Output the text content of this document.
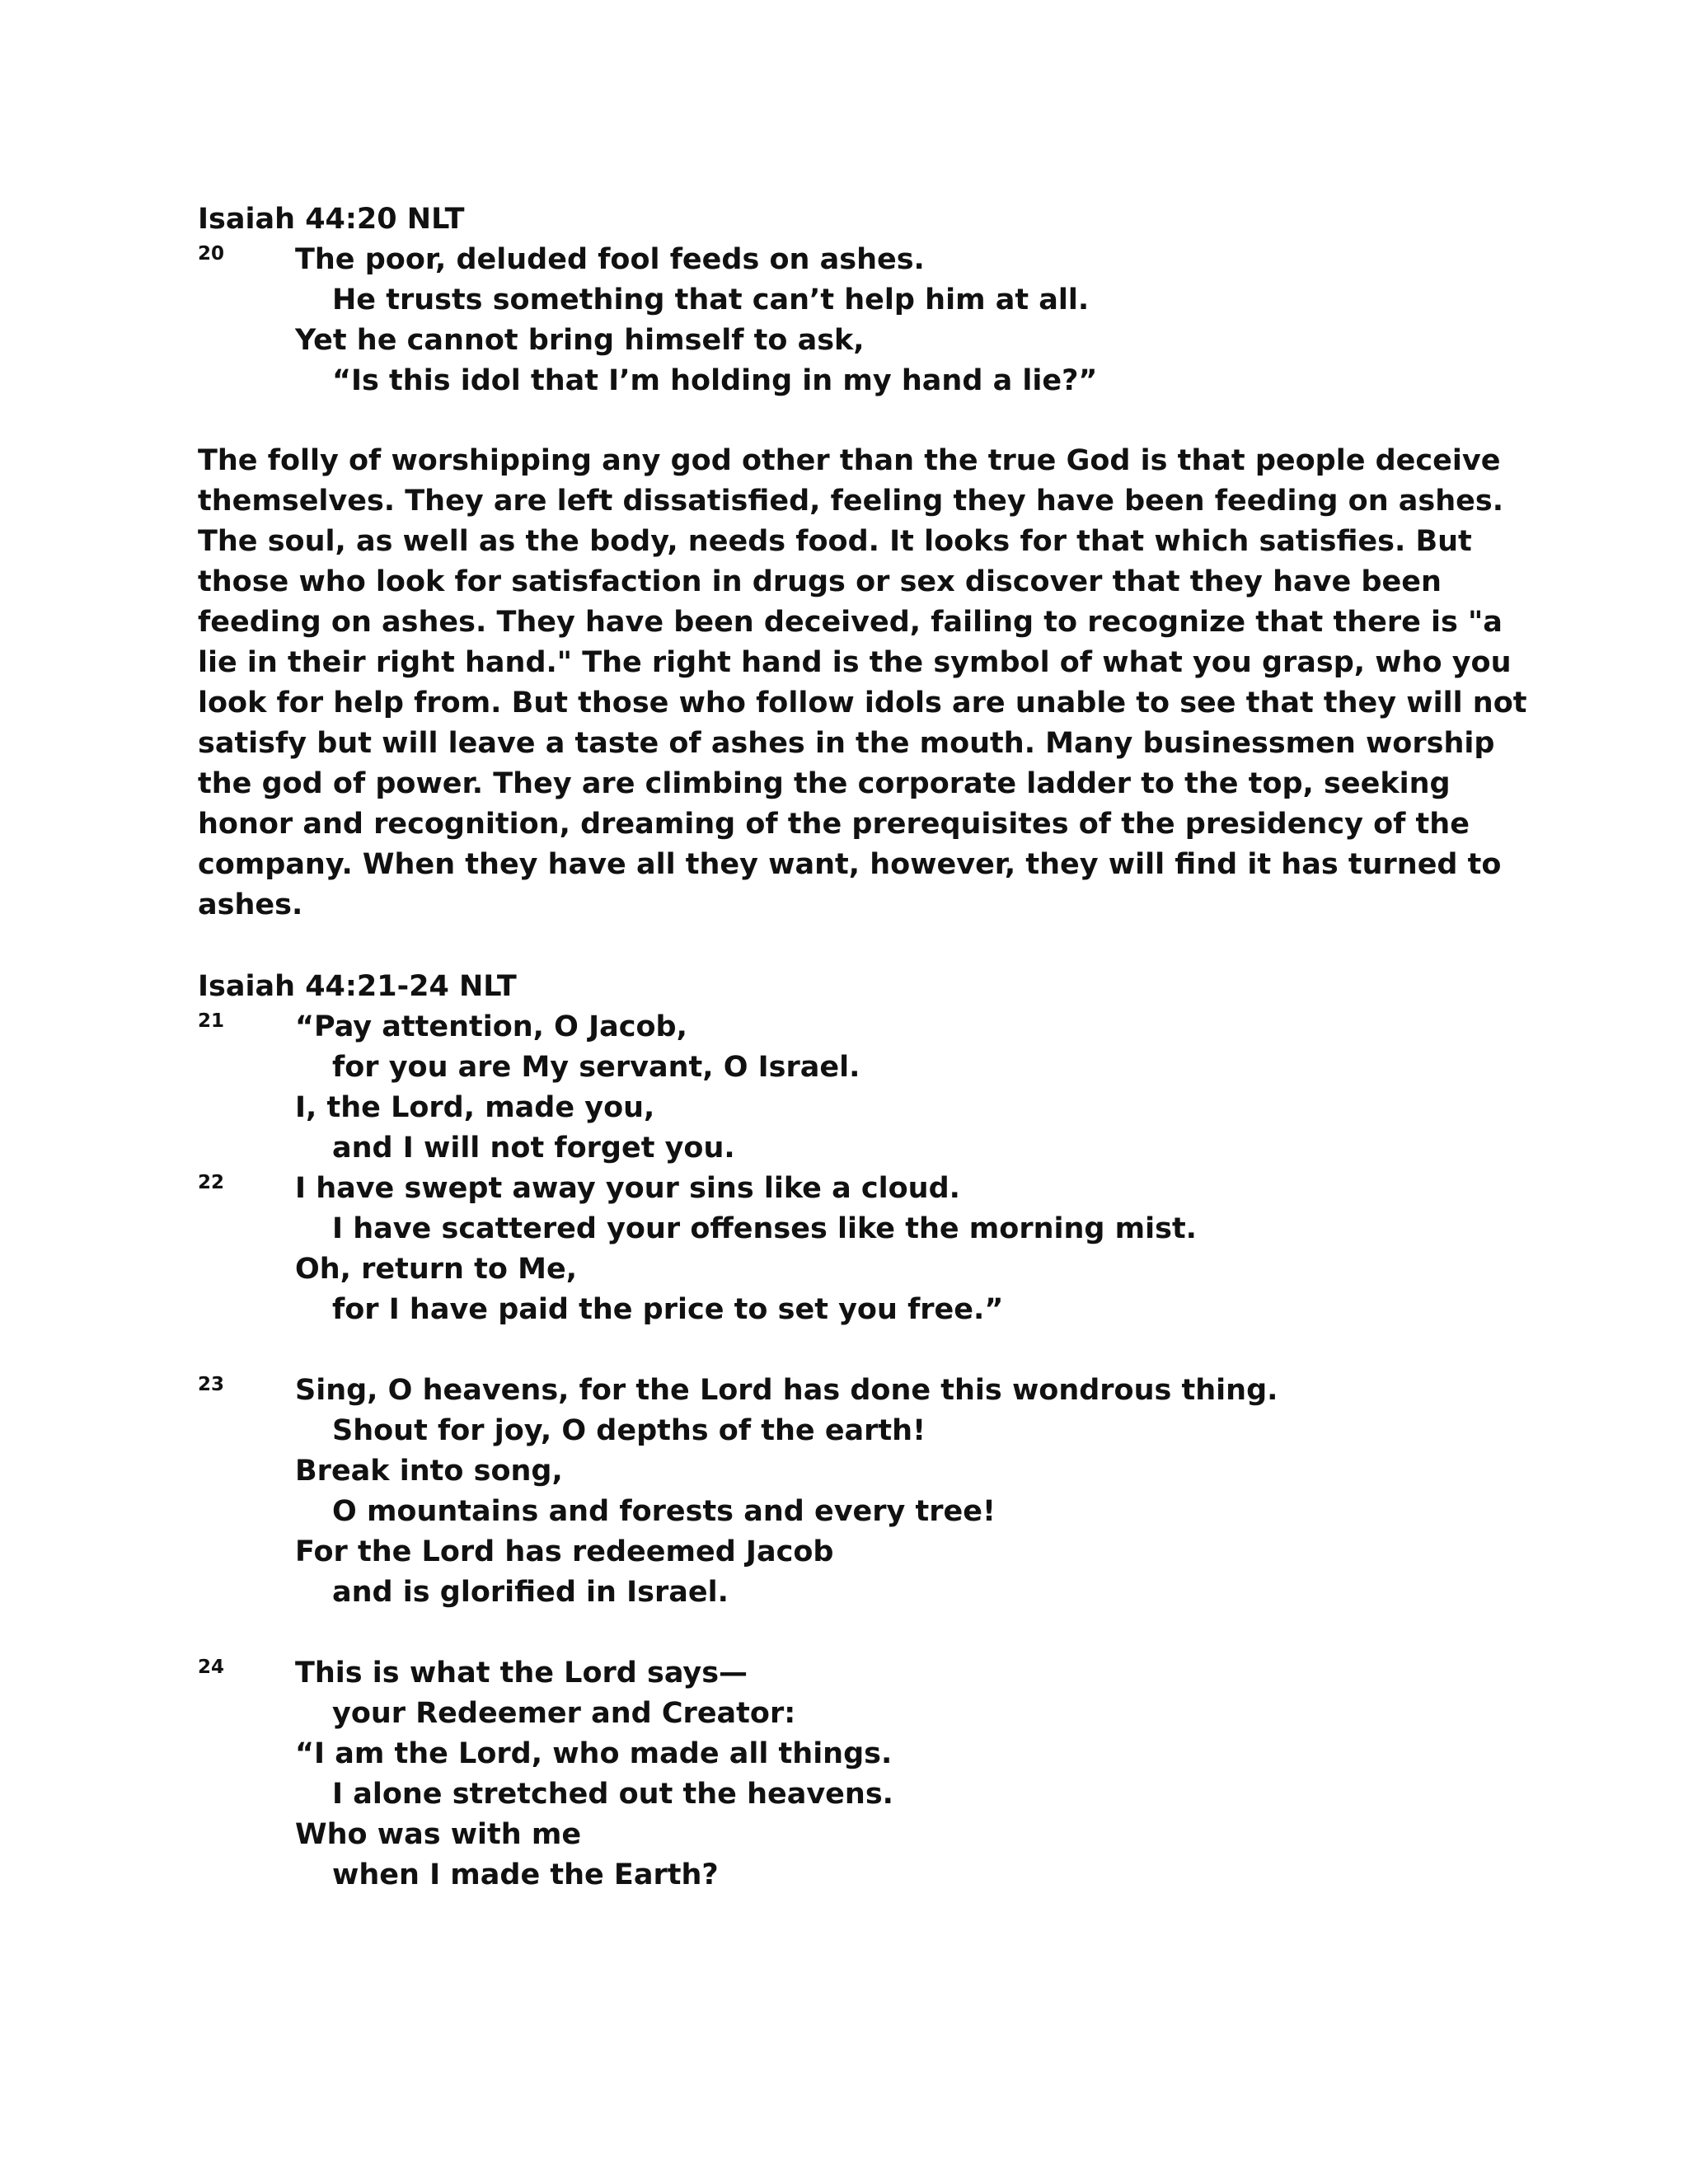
Isaiah 44:20 NLT
20 The poor, deluded fool feeds on ashes.
He trusts something that can’t help him at all.
Yet he cannot bring himself to ask,
“Is this idol that I’m holding in my hand a lie?”
The folly of worshipping any god other than the true God is that people deceive
themselves. They are left dissatisfied, feeling they have been feeding on ashes.
The soul, as well as the body, needs food. It looks for that which satisfies. But
those who look for satisfaction in drugs or sex discover that they have been
feeding on ashes. They have been deceived, failing to recognize that there is "a
lie in their right hand." The right hand is the symbol of what you grasp, who you
look for help from. But those who follow idols are unable to see that they will not
satisfy but will leave a taste of ashes in the mouth. Many businessmen worship
the god of power. They are climbing the corporate ladder to the top, seeking
honor and recognition, dreaming of the prerequisites of the presidency of the
company. When they have all they want, however, they will find it has turned to
ashes.
Isaiah 44:21-24 NLT
21 “Pay attention, O Jacob,
for you are My servant, O Israel.
I, the Lord, made you,
and I will not forget you.
22 I have swept away your sins like a cloud.
I have scattered your offenses like the morning mist.
Oh, return to Me,
for I have paid the price to set you free.”
23 Sing, O heavens, for the Lord has done this wondrous thing.
Shout for joy, O depths of the earth!
Break into song,
O mountains and forests and every tree!
For the Lord has redeemed Jacob
and is glorified in Israel.
24 This is what the Lord says—
your Redeemer and Creator:
“I am the Lord, who made all things.
I alone stretched out the heavens.
Who was with me
when I made the Earth?
